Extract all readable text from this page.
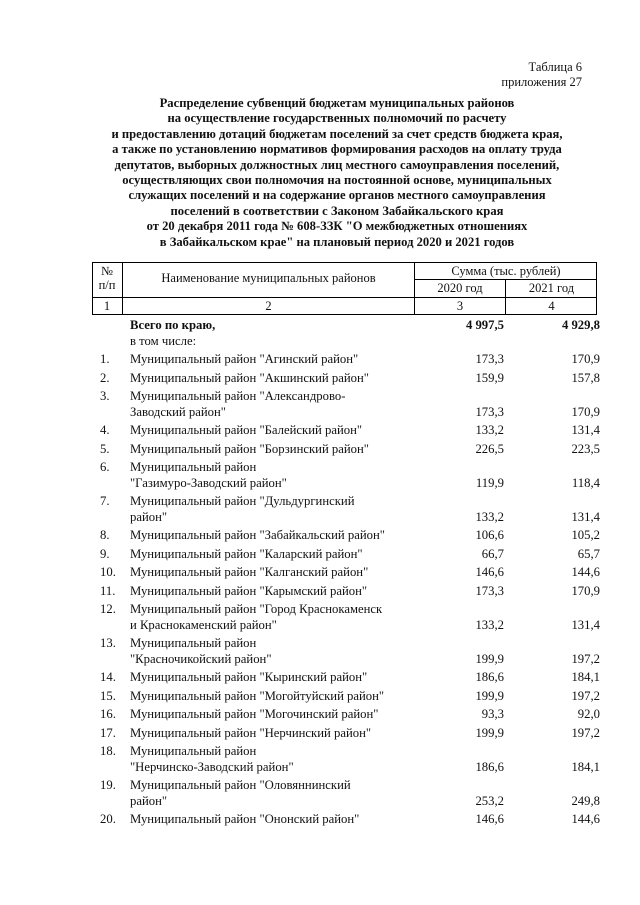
Таблица 6
приложения 27
Распределение субвенций бюджетам муниципальных районов
на осуществление государственных полномочий по расчету
и предоставлению дотаций бюджетам поселений за счет средств бюджета края,
а также по установлению нормативов формирования расходов на оплату труда
депутатов, выборных должностных лиц местного самоуправления поселений,
осуществляющих свои полномочия на постоянной основе, муниципальных
служащих поселений и на содержание органов местного самоуправления
поселений в соответствии с Законом Забайкальского края
от 20 декабря 2011 года № 608-ЗЗК "О межбюджетных отношениях
в Забайкальском крае" на плановый период 2020 и 2021 годов
№
п/п	Наименование муниципальных районов	Сумма (тыс. рублей)
2020 год	2021 год
1	2	3	4
Всего по краю,	4 997,5	4 929,8
в том числе:
1. Муниципальный район "Агинский район"	173,3	170,9
2. Муниципальный район "Акшинский район"	159,9	157,8
3. Муниципальный район "Александрово-
Заводский район"	173,3	170,9
4. Муниципальный район "Балейский район"	133,2	131,4
5. Муниципальный район "Борзинский район"	226,5	223,5
6. Муниципальный район
"Газимуро-Заводский район"	119,9	118,4
7. Муниципальный район "Дульдургинский
район"	133,2	131,4
8. Муниципальный район "Забайкальский район"	106,6	105,2
9. Муниципальный район "Каларский район"	66,7	65,7
10. Муниципальный район "Калганский район"	146,6	144,6
11. Муниципальный район "Карымский район"	173,3	170,9
12. Муниципальный район "Город Краснокаменск
и Краснокаменский район"	133,2	131,4
13. Муниципальный район
"Красночикойский район"	199,9	197,2
14. Муниципальный район "Кыринский район"	186,6	184,1
15. Муниципальный район "Могойтуйский район"	199,9	197,2
16. Муниципальный район "Могочинский район"	93,3	92,0
17. Муниципальный район "Нерчинский район"	199,9	197,2
18. Муниципальный район
"Нерчинско-Заводский район"	186,6	184,1
19. Муниципальный район "Оловяннинский
район"	253,2	249,8
20. Муниципальный район "Ононский район"	146,6	144,6
